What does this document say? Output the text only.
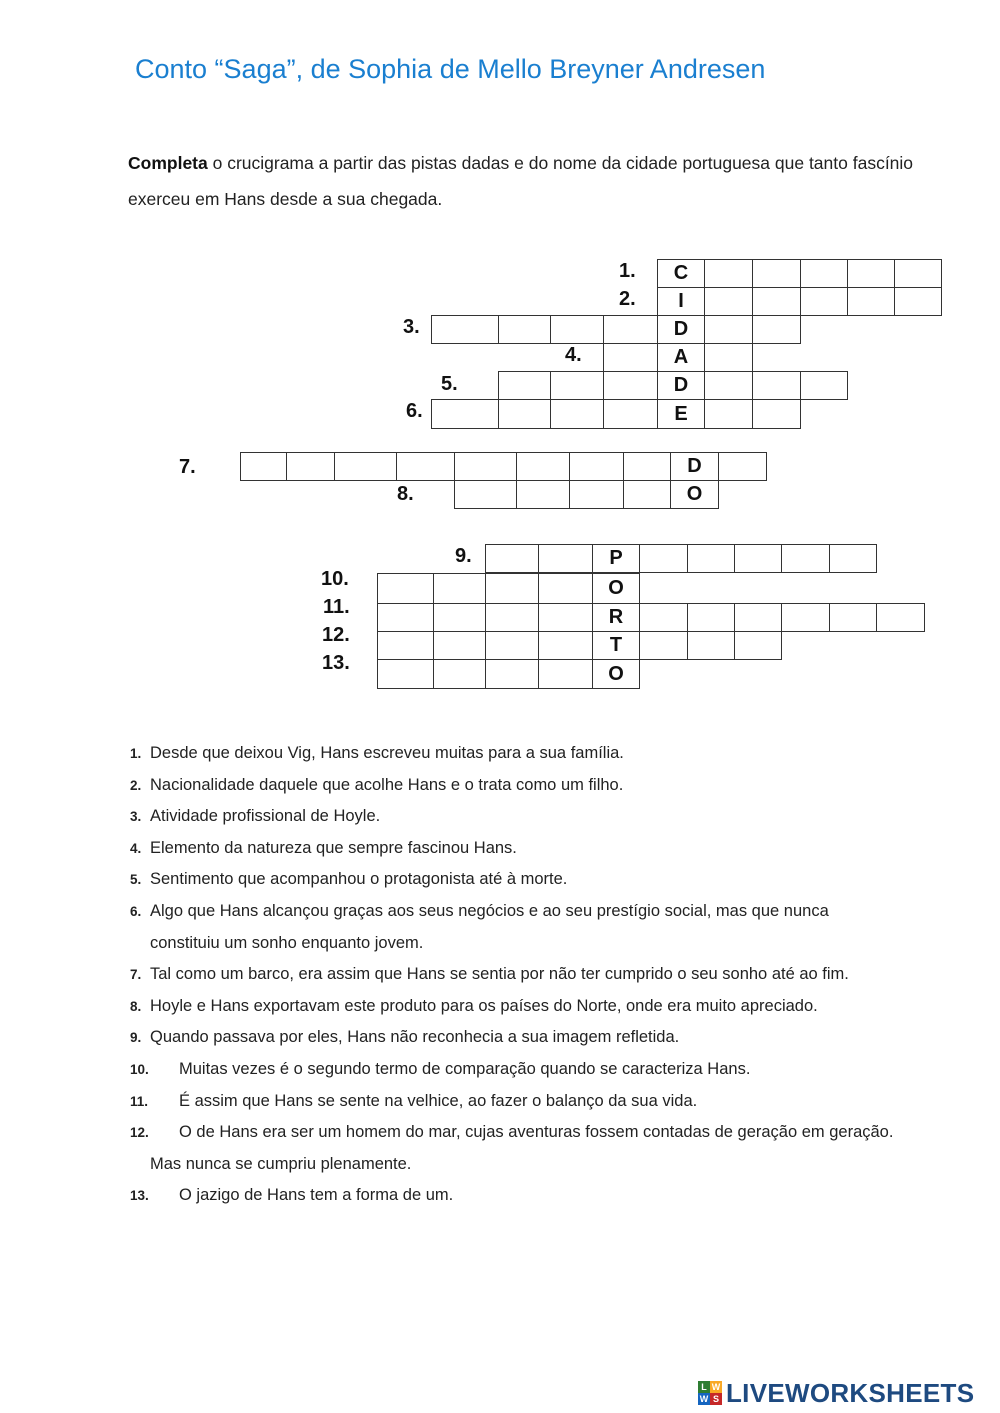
Conto “Saga”, de Sophia de Mello Breyner Andresen
Completa o crucigrama a partir das pistas dadas e do nome da cidade portuguesa que tanto fascínio exerceu em Hans desde a sua chegada.
1.	C
2.	I
3.	D
4.	A
5.	D
6.	E
7.	D
8.	O
9.	P
10.	O
11.	R
12.	T
13.	O
1. Desde que deixou Vig, Hans escreveu muitas para a sua família.
2. Nacionalidade daquele que acolhe Hans e o trata como um filho.
3. Atividade profissional de Hoyle.
4. Elemento da natureza que sempre fascinou Hans.
5. Sentimento que acompanhou o protagonista até à morte.
6. Algo que Hans alcançou graças aos seus negócios e ao seu prestígio social, mas que nunca
constituiu um sonho enquanto jovem.
7. Tal como um barco, era assim que Hans se sentia por não ter cumprido o seu sonho até ao fim.
8. Hoyle e Hans exportavam este produto para os países do Norte, onde era muito apreciado.
9. Quando passava por eles, Hans não reconhecia a sua imagem refletida.
10. Muitas vezes é o segundo termo de comparação quando se caracteriza Hans.
11. É assim que Hans se sente na velhice, ao fazer o balanço da sua vida.
12. O de Hans era ser um homem do mar, cujas aventuras fossem contadas de geração em geração.
Mas nunca se cumpriu plenamente.
13. O jazigo de Hans tem a forma de um.
L W
W S LIVEWORKSHEETS
